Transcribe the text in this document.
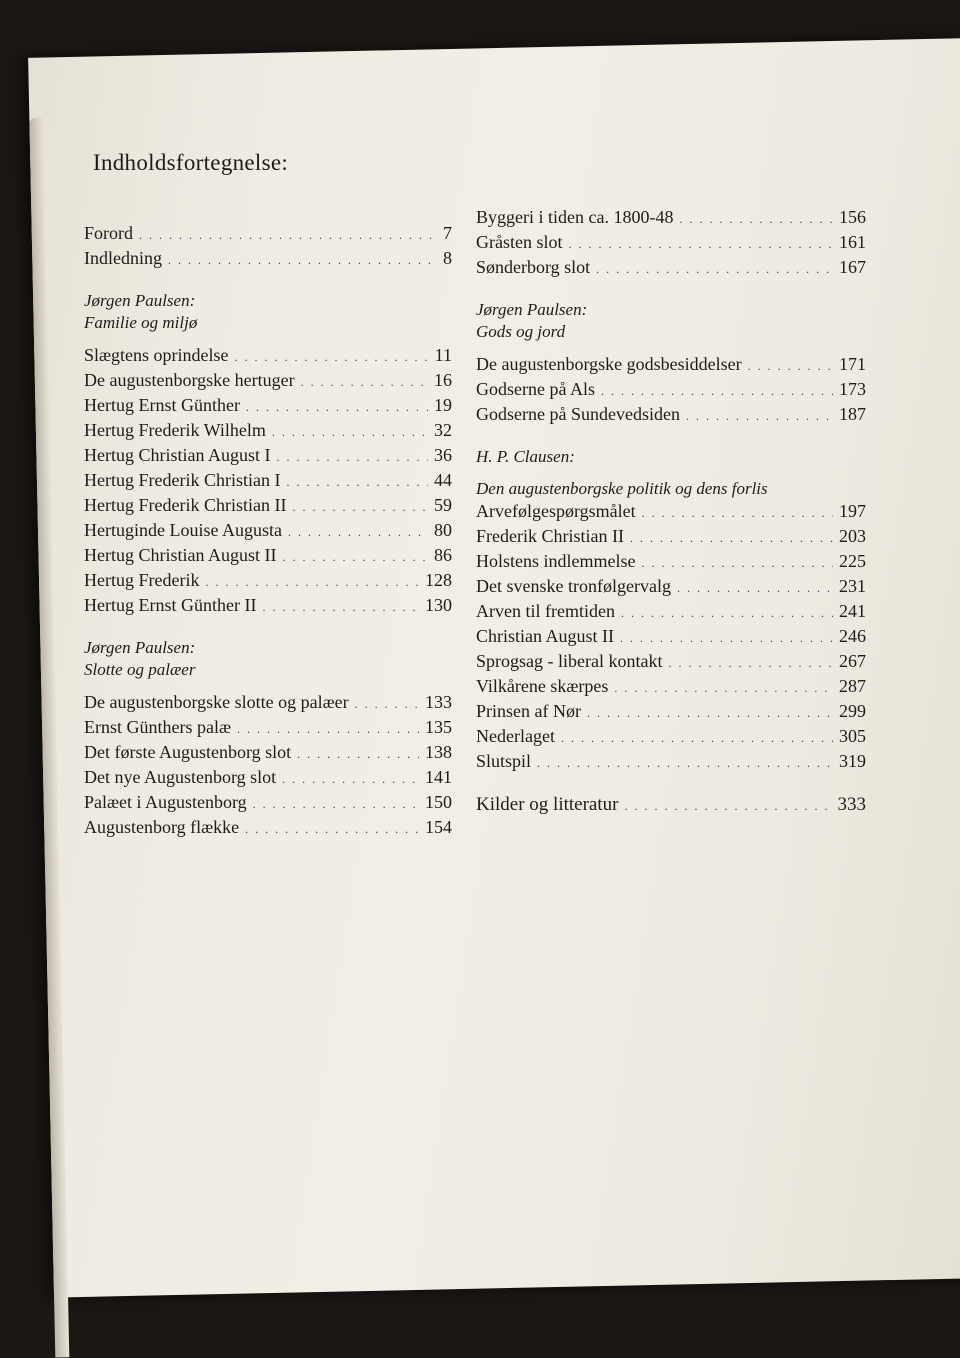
Indholdsfortegnelse:
Forord . . .	7
Indledning . . .	8
Jørgen Paulsen:
Familie og miljø
Slægtens oprindelse . . .	11
De augustenborgske hertuger . . .	16
Hertug Ernst Günther . . .	19
Hertug Frederik Wilhelm . . .	32
Hertug Christian August I . . .	36
Hertug Frederik Christian I . . .	44
Hertug Frederik Christian II . . .	59
Hertuginde Louise Augusta . . .	80
Hertug Christian August II . . .	86
Hertug Frederik . . .	128
Hertug Ernst Günther II . . .	130
Jørgen Paulsen:
Slotte og palæer
De augustenborgske slotte og palæer . . .	133
Ernst Günthers palæ . . .	135
Det første Augustenborg slot . . .	138
Det nye Augustenborg slot . . .	141
Palæet i Augustenborg . . .	150
Augustenborg flække . . .	154
Byggeri i tiden ca. 1800-48 . . .	156
Gråsten slot . . .	161
Sønderborg slot . . .	167
Jørgen Paulsen:
Gods og jord
De augustenborgske godsbesiddelser . . .	171
Godserne på Als . . .	173
Godserne på Sundevedsiden . . .	187
H. P. Clausen:
Den augustenborgske politik og dens forlis
Arvefølgespørgsmålet . . .	197
Frederik Christian II . . .	203
Holstens indlemmelse . . .	225
Det svenske tronfølgervalg . . .	231
Arven til fremtiden . . .	241
Christian August II . . .	246
Sprogsag - liberal kontakt . . .	267
Vilkårene skærpes . . .	287
Prinsen af Nør . . .	299
Nederlaget . . .	305
Slutspil . . .	319
Kilder og litteratur . . .	333
